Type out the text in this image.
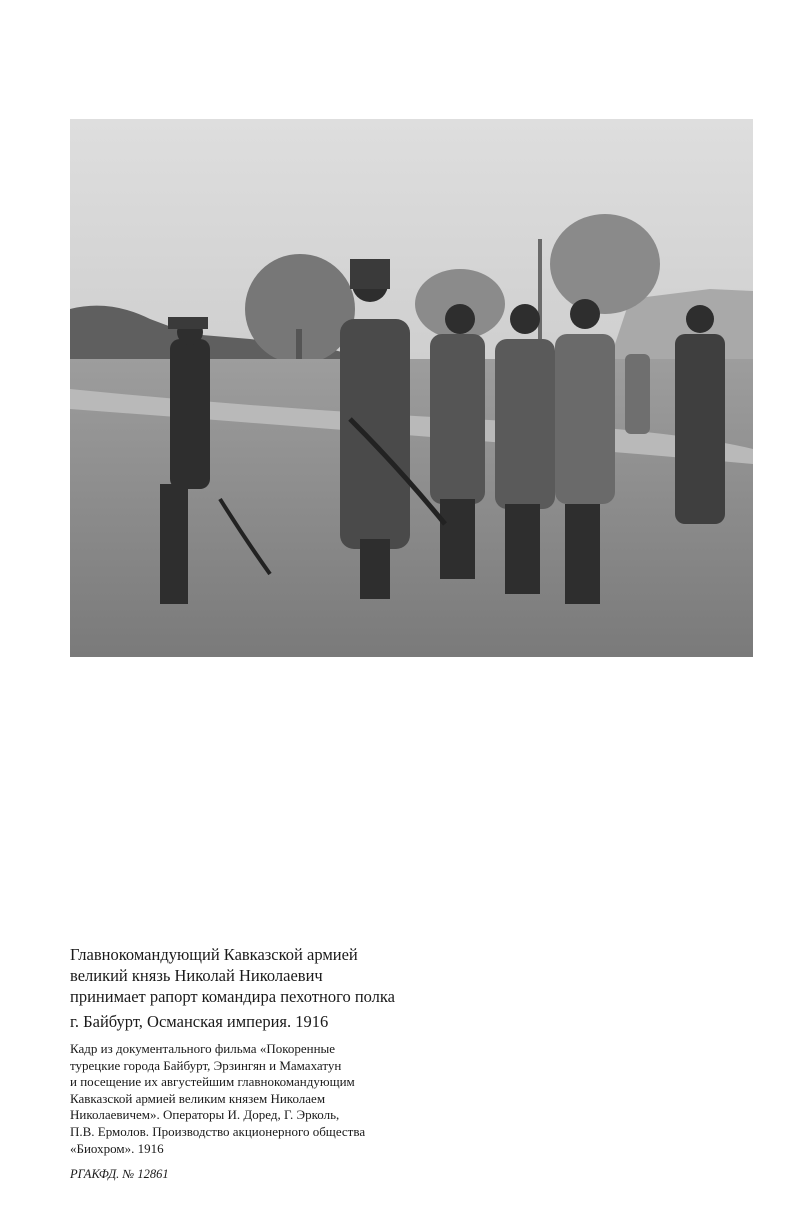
Главнокомандующий Кавказской армией

великий князь Николай Николаевич

принимает рапорт командира пехотного полка

г. Байбурт, Османская империя. 1916

Кадр из документального фильма «Покоренные
турецкие города Байбурт, Эрзингян и Мамахатун
и посещение их августейшим главнокомандующим
Кавказской армией великим князем Николаем
Николаевичем». Операторы И. Доред, Г. Эрколь,
П.В. Ермолов. Производство акционерного общества
«Биохром». 1916
РГАКФД. № 12861
